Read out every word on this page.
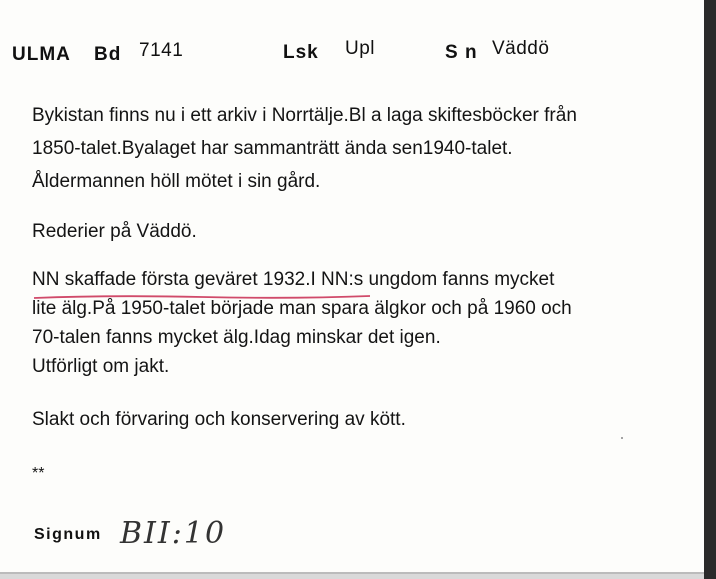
ULMA Bd 7141	Lsk Upl	S n Väddö
Bykistan finns nu i ett arkiv i Norrtälje.Bl a laga skiftesböcker från
1850-talet.Byalaget har sammanträtt ända sen1940-talet.
Åldermannen höll mötet i sin gård.
Rederier på Väddö.
NN skaffade första geväret 1932.I NN:s ungdom fanns mycket
lite älg.På 1950-talet började man spara älgkor och på 1960 och
70-talen fanns mycket älg.Idag minskar det igen.
Utförligt om jakt.
Slakt och förvaring och konservering av kött.
**
Signum BII:10
